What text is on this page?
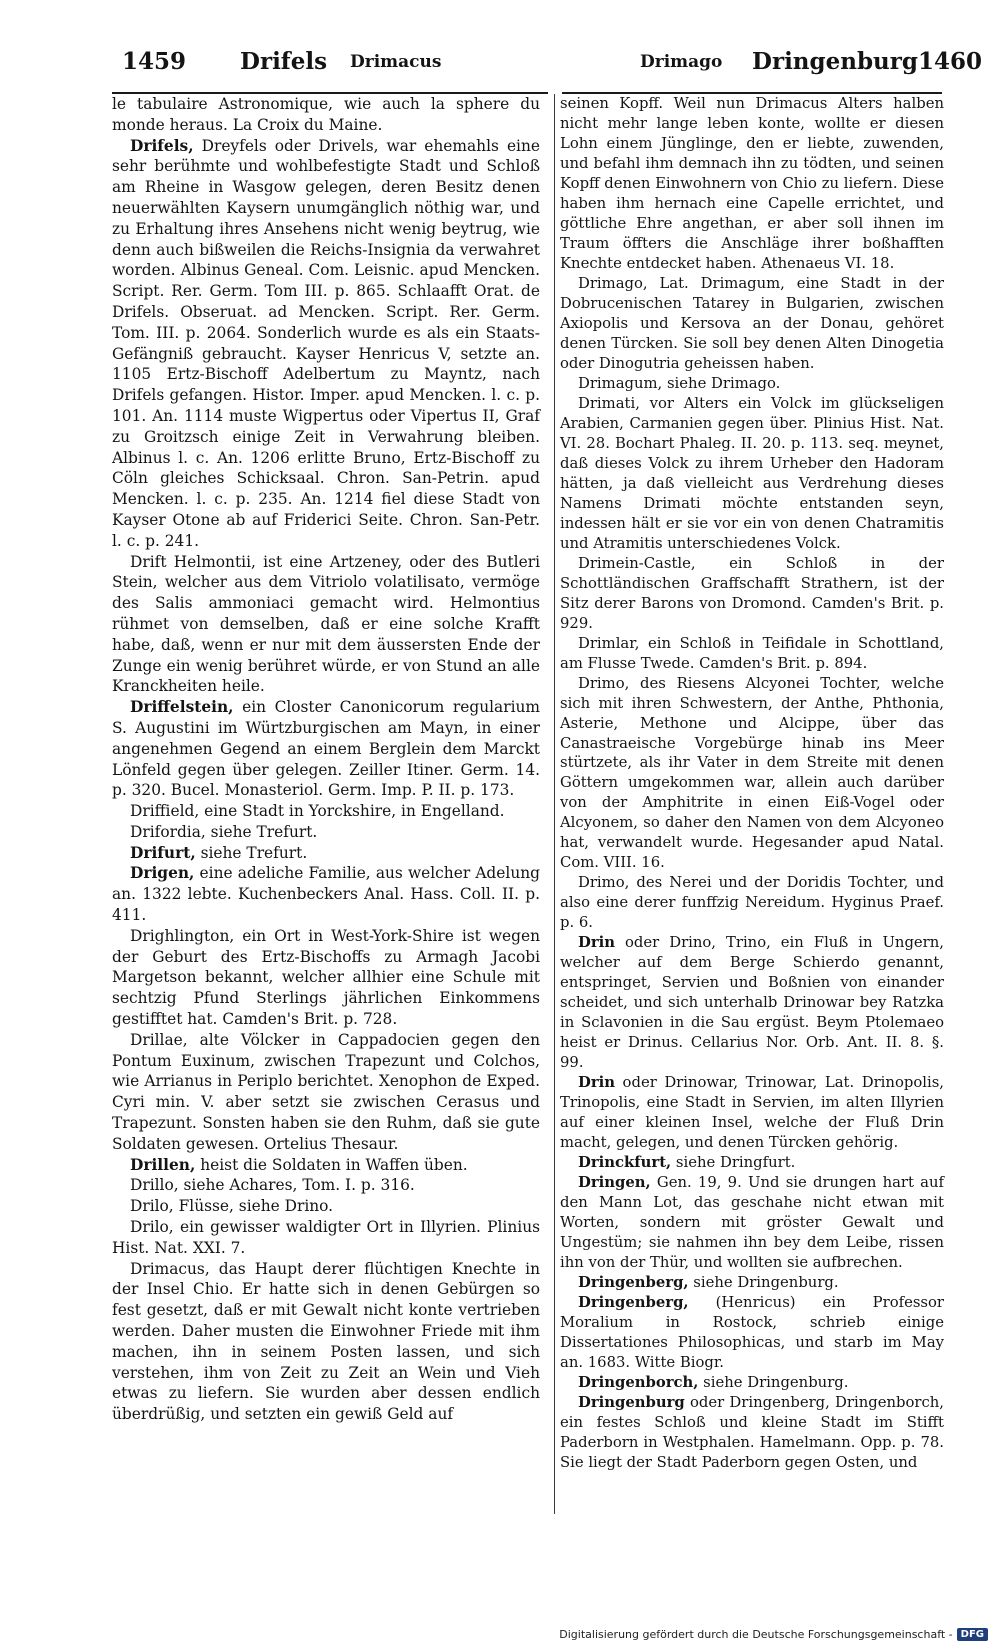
1459 Drifels Drimacus	Drimago Dringenburg 1460

le tabulaire Astronomique, wie auch la sphere du monde heraus. La Croix du Maine.

Drifels, Dreyfels oder Drivels, war ehemahls eine sehr berühmte und wohlbefestigte Stadt und Schloß am Rheine in Wasgow gelegen, deren Besitz denen neuerwählten Kaysern unumgänglich nöthig war, und zu Erhaltung ihres Ansehens nicht wenig beytrug, wie denn auch bißweilen die Reichs-Insignia da verwahret worden. Albinus Geneal. Com. Leisnic. apud Mencken. Script. Rer. Germ. Tom III. p. 865. Schlaafft Orat. de Drifels. Obseruat. ad Mencken. Script. Rer. Germ. Tom. III. p. 2064. Sonderlich wurde es als ein Staats-Gefängniß gebraucht. Kayser Henricus V, setzte an. 1105 Ertz-Bischoff Adelbertum zu Mayntz, nach Drifels gefangen. Histor. Imper. apud Mencken. l. c. p. 101. An. 1114 muste Wigpertus oder Vipertus II, Graf zu Groitzsch einige Zeit in Verwahrung bleiben. Albinus l. c. An. 1206 erlitte Bruno, Ertz-Bischoff zu Cöln gleiches Schicksaal. Chron. San-Petrin. apud Mencken. l. c. p. 235. An. 1214 fiel diese Stadt von Kayser Otone ab auf Friderici Seite. Chron. San-Petr. l. c. p. 241.

Drift Helmontii, ist eine Artzeney, oder des Butleri Stein, welcher aus dem Vitriolo volatilisato, vermöge des Salis ammoniaci gemacht wird. Helmontius rühmet von demselben, daß er eine solche Krafft habe, daß, wenn er nur mit dem äussersten Ende der Zunge ein wenig berühret würde, er von Stund an alle Kranckheiten heile.

Driffelstein, ein Closter Canonicorum regularium S. Augustini im Würtzburgischen am Mayn, in einer angenehmen Gegend an einem Berglein dem Marckt Lönfeld gegen über gelegen. Zeiller Itiner. Germ. 14. p. 320. Bucel. Monasteriol. Germ. Imp. P. II. p. 173.

Driffield, eine Stadt in Yorckshire, in Engelland.

Drifordia, siehe Trefurt.

Drifurt, siehe Trefurt.

Drigen, eine adeliche Familie, aus welcher Adelung an. 1322 lebte. Kuchenbeckers Anal. Hass. Coll. II. p. 411.

Drighlington, ein Ort in West-York-Shire ist wegen der Geburt des Ertz-Bischoffs zu Armagh Jacobi Margetson bekannt, welcher allhier eine Schule mit sechtzig Pfund Sterlings jährlichen Einkommens gestifftet hat. Camden's Brit. p. 728.

Drillae, alte Völcker in Cappadocien gegen den Pontum Euxinum, zwischen Trapezunt und Colchos, wie Arrianus in Periplo berichtet. Xenophon de Exped. Cyri min. V. aber setzt sie zwischen Cerasus und Trapezunt. Sonsten haben sie den Ruhm, daß sie gute Soldaten gewesen. Ortelius Thesaur.

Drillen, heist die Soldaten in Waffen üben.

Drillo, siehe Achares, Tom. I. p. 316.

Drilo, Flüsse, siehe Drino.

Drilo, ein gewisser waldigter Ort in Illyrien. Plinius Hist. Nat. XXI. 7.

Drimacus, das Haupt derer flüchtigen Knechte in der Insel Chio. Er hatte sich in denen Gebürgen so fest gesetzt, daß er mit Gewalt nicht konte vertrieben werden. Daher musten die Einwohner Friede mit ihm machen, ihn in seinem Posten lassen, und sich verstehen, ihm von Zeit zu Zeit an Wein und Vieh etwas zu liefern. Sie wurden aber dessen endlich überdrüßig, und setzten ein gewiß Geld auf

seinen Kopff. Weil nun Drimacus Alters halben nicht mehr lange leben konte, wollte er diesen Lohn einem Jünglinge, den er liebte, zuwenden, und befahl ihm demnach ihn zu tödten, und seinen Kopff denen Einwohnern von Chio zu liefern. Diese haben ihm hernach eine Capelle errichtet, und göttliche Ehre angethan, er aber soll ihnen im Traum öffters die Anschläge ihrer boßhafften Knechte entdecket haben. Athenaeus VI. 18.

Drimago, Lat. Drimagum, eine Stadt in der Dobrucenischen Tatarey in Bulgarien, zwischen Axiopolis und Kersova an der Donau, gehöret denen Türcken. Sie soll bey denen Alten Dinogetia oder Dinogutria geheissen haben.

Drimagum, siehe Drimago.

Drimati, vor Alters ein Volck im glückseligen Arabien, Carmanien gegen über. Plinius Hist. Nat. VI. 28. Bochart Phaleg. II. 20. p. 113. seq. meynet, daß dieses Volck zu ihrem Urheber den Hadoram hätten, ja daß vielleicht aus Verdrehung dieses Namens Drimati möchte entstanden seyn, indessen hält er sie vor ein von denen Chatramitis und Atramitis unterschiedenes Volck.

Drimein-Castle, ein Schloß in der Schottländischen Graffschafft Strathern, ist der Sitz derer Barons von Dromond. Camden's Brit. p. 929.

Drimlar, ein Schloß in Teifidale in Schottland, am Flusse Twede. Camden's Brit. p. 894.

Drimo, des Riesens Alcyonei Tochter, welche sich mit ihren Schwestern, der Anthe, Phthonia, Asterie, Methone und Alcippe, über das Canastraeische Vorgebürge hinab ins Meer stürtzete, als ihr Vater in dem Streite mit denen Göttern umgekommen war, allein auch darüber von der Amphitrite in einen Eiß-Vogel oder Alcyonem, so daher den Namen von dem Alcyoneo hat, verwandelt wurde. Hegesander apud Natal. Com. VIII. 16.

Drimo, des Nerei und der Doridis Tochter, und also eine derer funffzig Nereidum. Hyginus Praef. p. 6.

Drin oder Drino, Trino, ein Fluß in Ungern, welcher auf dem Berge Schierdo genannt, entspringet, Servien und Boßnien von einander scheidet, und sich unterhalb Drinowar bey Ratzka in Sclavonien in die Sau ergüst. Beym Ptolemaeo heist er Drinus. Cellarius Nor. Orb. Ant. II. 8. §. 99.

Drin oder Drinowar, Trinowar, Lat. Drinopolis, Trinopolis, eine Stadt in Servien, im alten Illyrien auf einer kleinen Insel, welche der Fluß Drin macht, gelegen, und denen Türcken gehörig.

Drinckfurt, siehe Dringfurt.

Dringen, Gen. 19, 9. Und sie drungen hart auf den Mann Lot, das geschahe nicht etwan mit Worten, sondern mit gröster Gewalt und Ungestüm; sie nahmen ihn bey dem Leibe, rissen ihn von der Thür, und wollten sie aufbrechen.

Dringenberg, siehe Dringenburg.

Dringenberg, (Henricus) ein Professor Moralium in Rostock, schrieb einige Dissertationes Philosophicas, und starb im May an. 1683. Witte Biogr.

Dringenborch, siehe Dringenburg.

Dringenburg oder Dringenberg, Dringenborch, ein festes Schloß und kleine Stadt im Stifft Paderborn in Westphalen. Hamelmann. Opp. p. 78. Sie liegt der Stadt Paderborn gegen Osten, und

Digitalisierung gefördert durch die Deutsche Forschungsgemeinschaft - DFG
